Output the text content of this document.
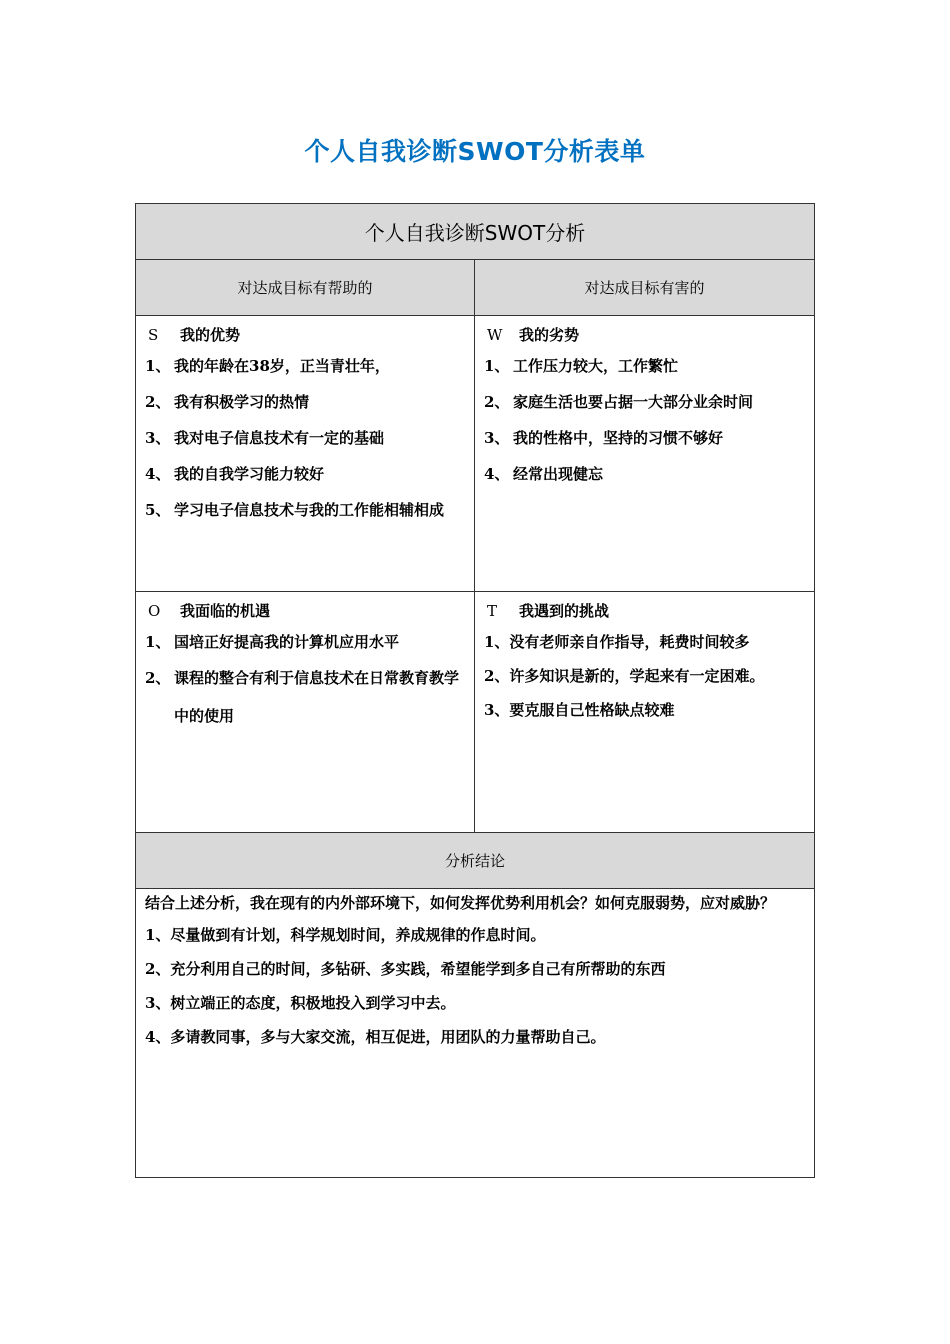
个人自我诊断SWOT分析表单
个人自我诊断SWOT分析
对达成目标有帮助的	对达成目标有害的
S	我的优势
1、 我的年龄在38岁，正当青壮年，
2、 我有积极学习的热情
3、 我对电子信息技术有一定的基础
4、 我的自我学习能力较好
5、 学习电子信息技术与我的工作能相辅相成
W	我的劣势
1、 工作压力较大，工作繁忙
2、 家庭生活也要占据一大部分业余时间
3、 我的性格中，坚持的习惯不够好
4、 经常出现健忘
O	我面临的机遇
1、 国培正好提高我的计算机应用水平
2、 课程的整合有利于信息技术在日常教育教学中的使用
T	我遇到的挑战
1、没有老师亲自作指导，耗费时间较多
2、许多知识是新的，学起来有一定困难。
3、要克服自己性格缺点较难
分析结论
结合上述分析，我在现有的内外部环境下，如何发挥优势利用机会？如何克服弱势，应对威胁？
1、尽量做到有计划，科学规划时间，养成规律的作息时间。
2、充分利用自己的时间，多钻研、多实践，希望能学到多自己有所帮助的东西
3、树立端正的态度，积极地投入到学习中去。
4、多请教同事，多与大家交流，相互促进，用团队的力量帮助自己。
